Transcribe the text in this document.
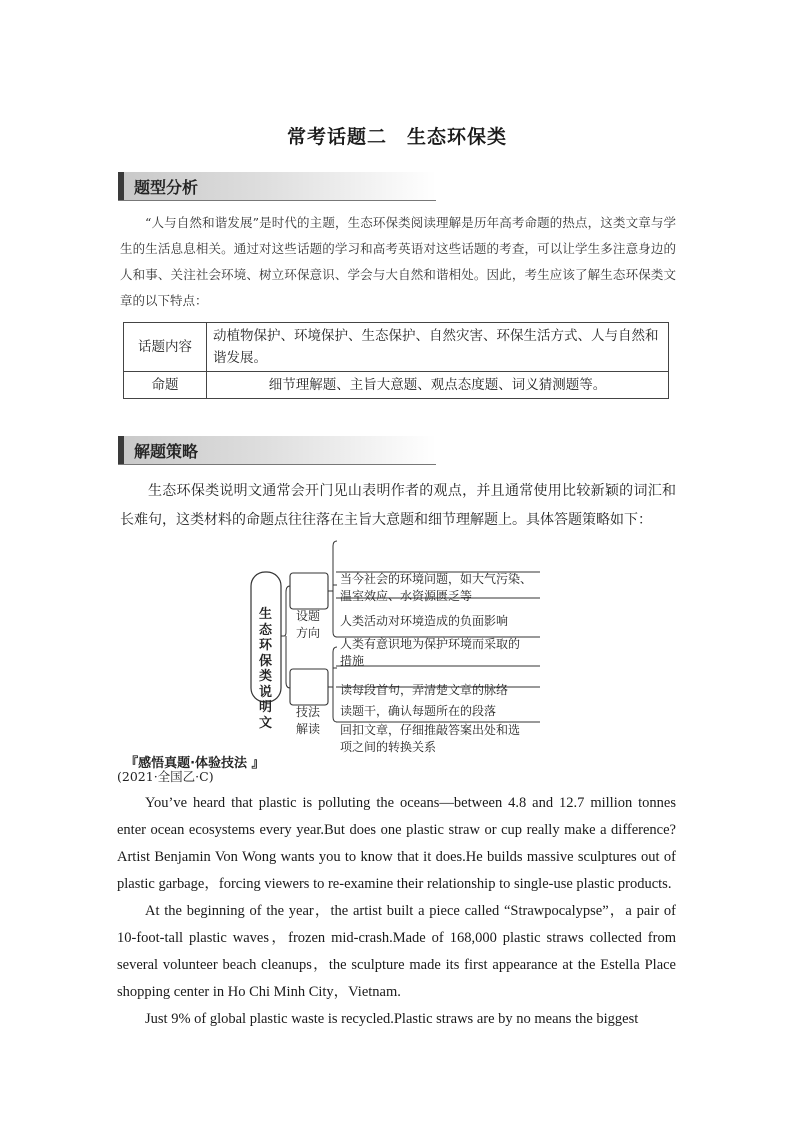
常考话题二　生态环保类
题型分析

“人与自然和谐发展”是时代的主题，生态环保类阅读理解是历年高考命题的热点，这类文章与学生的生活息息相关。通过对这些话题的学习和高考英语对这些话题的考查，可以让学生多注意身边的人和事、关注社会环境、树立环保意识、学会与大自然和谐相处。因此，考生应该了解生态环保类文章的以下特点：

话题内容	动植物保护、环境保护、生态保护、自然灾害、环保生活方式、人与自然和谐发展。
命题	细节理解题、主旨大意题、观点态度题、词义猜测题等。
解题策略

生态环保类说明文通常会开门见山表明作者的观点，并且通常使用比较新颖的词汇和长难句，这类材料的命题点往往落在主旨大意题和细节理解题上。具体答题策略如下：

生
态
环
保
类
说
明
文

设题
方向

技法
解读

当今社会的环境问题，如大气污染、
温室效应、水资源匮乏等

人类活动对环境造成的负面影响

人类有意识地为保护环境而采取的
措施

读每段首句，弄清楚文章的脉络

读题干，确认每题所在的段落

回扣文章，仔细推敲答案出处和选
项之间的转换关系

『感悟真题·体验技法 』

(2021·全国乙·C)

You’ve heard that plastic is polluting the oceans—between 4.8 and 12.7 million tonnes enter ocean ecosystems every year.But does one plastic straw or cup really make a difference? Artist Benjamin Von Wong wants you to know that it does.He builds massive sculptures out of plastic garbage，forcing viewers to re-examine their relationship to single-use plastic products.

At the beginning of the year，the artist built a piece called “Strawpocalypse”，a pair of 10-foot-tall plastic waves，frozen mid-crash.Made of 168,000 plastic straws collected from several volunteer beach cleanups，the sculpture made its first appearance at the Estella Place shopping center in Ho Chi Minh City，Vietnam.

Just 9% of global plastic waste is recycled.Plastic straws are by no means the biggest
